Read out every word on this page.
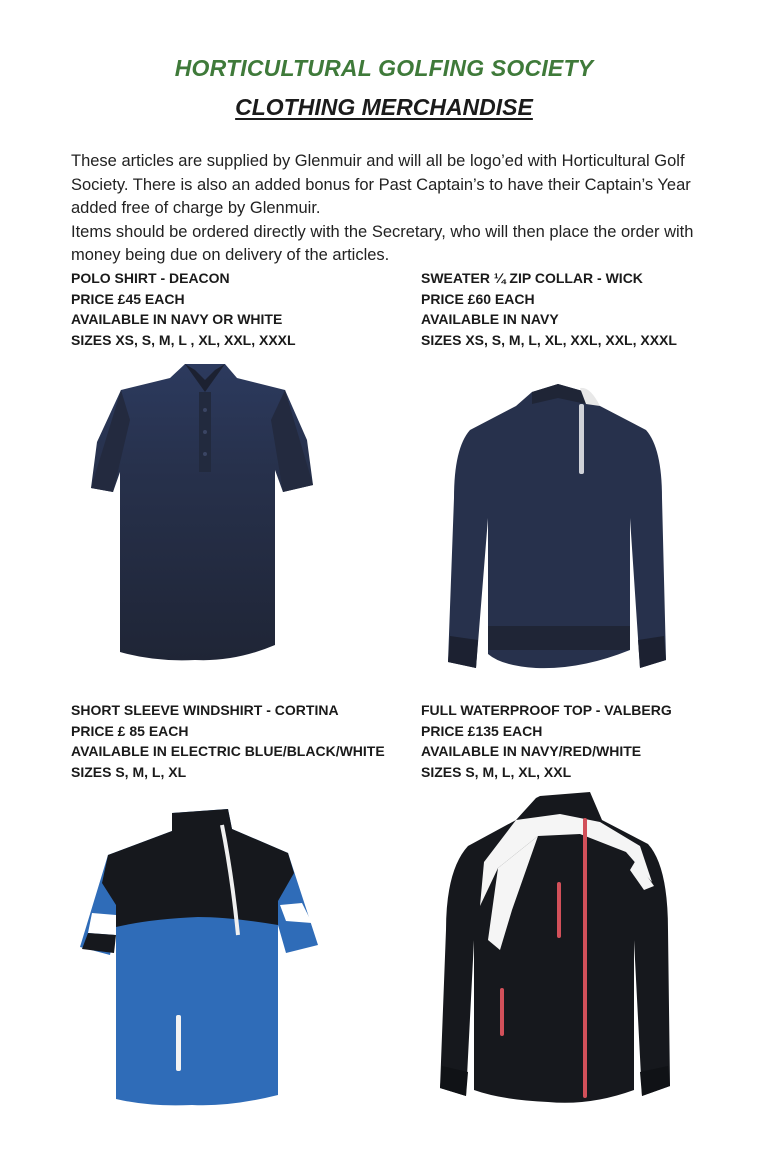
HORTICULTURAL GOLFING SOCIETY
CLOTHING MERCHANDISE

These articles are supplied by Glenmuir and will all be logo’ed with Horticultural Golf Society. There is also an added bonus for Past Captain’s to have their Captain’s Year added free of charge by Glenmuir.

Items should be ordered directly with the Secretary, who will then place the order with money being due on delivery of the articles.

POLO SHIRT - DEACON
PRICE £45 EACH
AVAILABLE IN NAVY OR WHITE
SIZES XS, S, M, L , XL, XXL, XXXL
SWEATER ¼ ZIP COLLAR - WICK
PRICE £60 EACH
AVAILABLE IN NAVY
SIZES XS, S, M, L, XL, XXL, XXL, XXXL
SHORT SLEEVE WINDSHIRT - CORTINA
PRICE £ 85 EACH
AVAILABLE IN ELECTRIC BLUE/BLACK/WHITE
SIZES S, M, L, XL
FULL WATERPROOF TOP - VALBERG
PRICE £135 EACH
AVAILABLE IN NAVY/RED/WHITE
SIZES S, M, L, XL, XXL
